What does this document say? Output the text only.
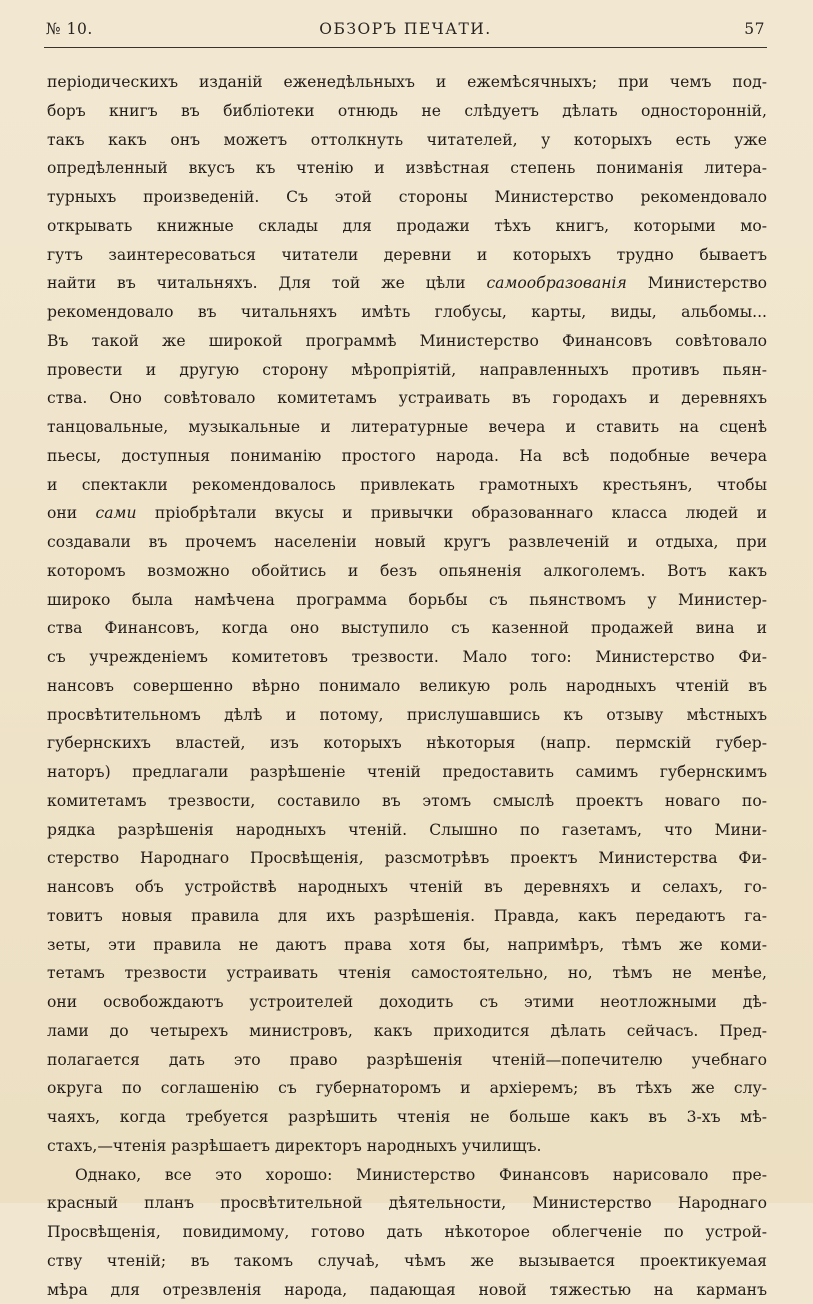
№ 10.	ОБЗОРЪ ПЕЧАТИ.	57
періодическихъ изданій еженедѣльныхъ и ежемѣсячныхъ; при чемъ под-
боръ книгъ въ библіотеки отнюдь не слѣдуетъ дѣлать односторонній,
такъ какъ онъ можетъ оттолкнуть читателей, у которыхъ есть уже
опредѣленный вкусъ къ чтенію и извѣстная степень пониманія литера-
турныхъ произведеній. Съ этой стороны Министерство рекомендовало
открывать книжные склады для продажи тѣхъ книгъ, которыми мо-
гутъ заинтересоваться читатели деревни и которыхъ трудно бываетъ
найти въ читальняхъ. Для той же цѣли самообразованія Министерство
рекомендовало въ читальняхъ имѣть глобусы, карты, виды, альбомы...
Въ такой же широкой программѣ Министерство Финансовъ совѣтовало
провести и другую сторону мѣропріятій, направленныхъ противъ пьян-
ства. Оно совѣтовало комитетамъ устраивать въ городахъ и деревняхъ
танцовальные, музыкальные и литературные вечера и ставить на сценѣ
пьесы, доступныя пониманію простого народа. На всѣ подобные вечера
и спектакли рекомендовалось привлекать грамотныхъ крестьянъ, чтобы
они сами пріобрѣтали вкусы и привычки образованнаго класса людей и
создавали въ прочемъ населеніи новый кругъ развлеченій и отдыха, при
которомъ возможно обойтись и безъ опьяненія алкоголемъ. Вотъ какъ
широко была намѣчена программа борьбы съ пьянствомъ у Министер-
ства Финансовъ, когда оно выступило съ казенной продажей вина и
съ учрежденіемъ комитетовъ трезвости. Мало того: Министерство Фи-
нансовъ совершенно вѣрно понимало великую роль народныхъ чтеній въ
просвѣтительномъ дѣлѣ и потому, прислушавшись къ отзыву мѣстныхъ
губернскихъ властей, изъ которыхъ нѣкоторыя (напр. пермскій губер-
наторъ) предлагали разрѣшеніе чтеній предоставить самимъ губернскимъ
комитетамъ трезвости, составило въ этомъ смыслѣ проектъ новаго по-
рядка разрѣшенія народныхъ чтеній. Слышно по газетамъ, что Мини-
стерство Народнаго Просвѣщенія, разсмотрѣвъ проектъ Министерства Фи-
нансовъ объ устройствѣ народныхъ чтеній въ деревняхъ и селахъ, го-
товитъ новыя правила для ихъ разрѣшенія. Правда, какъ передаютъ га-
зеты, эти правила не даютъ права хотя бы, напримѣръ, тѣмъ же коми-
тетамъ трезвости устраивать чтенія самостоятельно, но, тѣмъ не менѣе,
они освобождаютъ устроителей доходить съ этими неотложными дѣ-
лами до четырехъ министровъ, какъ приходится дѣлать сейчасъ. Пред-
полагается дать это право разрѣшенія чтеній—попечителю учебнаго
округа по соглашенію съ губернаторомъ и архіеремъ; въ тѣхъ же слу-
чаяхъ, когда требуется разрѣшить чтенія не больше какъ въ 3-хъ мѣ-
стахъ,—чтенія разрѣшаетъ директоръ народныхъ училищъ.
Однако, все это хорошо: Министерство Финансовъ нарисовало пре-
красный планъ просвѣтительной дѣятельности, Министерство Народнаго
Просвѣщенія, повидимому, готово дать нѣкоторое облегченіе по устрой-
ству чтеній; въ такомъ случаѣ, чѣмъ же вызывается проектикуемая
мѣра для отрезвленія народа, падающая новой тяжестью на карманъ
